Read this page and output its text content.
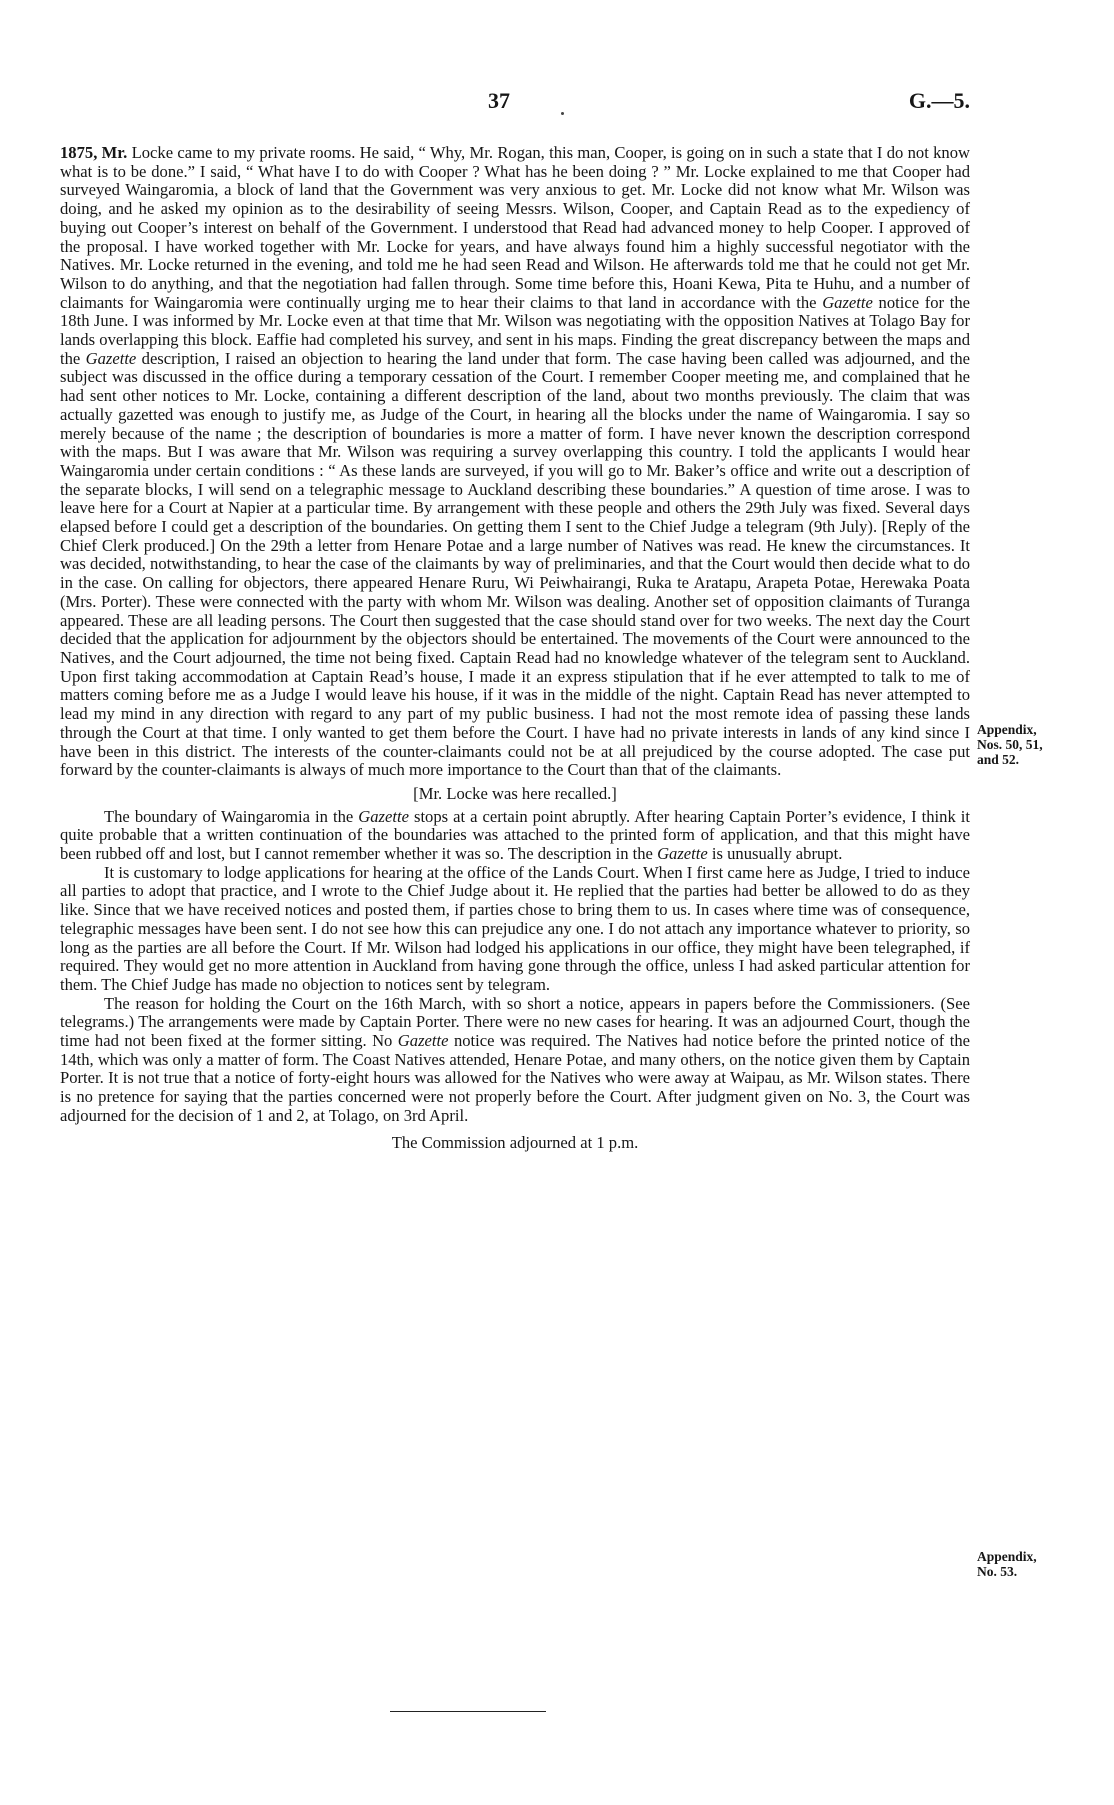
37	G.—5.

1875, Mr. Locke came to my private rooms. He said, “ Why, Mr. Rogan, this man, Cooper, is going on in such a state that I do not know what is to be done.” I said, “ What have I to do with Cooper ? What has he been doing ? ” Mr. Locke explained to me that Cooper had surveyed Waingaromia, a block of land that the Government was very anxious to get. Mr. Locke did not know what Mr. Wilson was doing, and he asked my opinion as to the desirability of seeing Messrs. Wilson, Cooper, and Captain Read as to the expediency of buying out Cooper’s interest on behalf of the Government. I understood that Read had advanced money to help Cooper. I approved of the proposal. I have worked together with Mr. Locke for years, and have always found him a highly successful negotiator with the Natives. Mr. Locke returned in the evening, and told me he had seen Read and Wilson. He afterwards told me that he could not get Mr. Wilson to do anything, and that the negotiation had fallen through. Some time before this, Hoani Kewa, Pita te Huhu, and a number of claimants for Waingaromia were continually urging me to hear their claims to that land in accordance with the Gazette notice for the 18th June. I was informed by Mr. Locke even at that time that Mr. Wilson was negotiating with the opposition Natives at Tolago Bay for lands overlapping this block. Eaffie had completed his survey, and sent in his maps. Finding the great discrepancy between the maps and the Gazette description, I raised an objection to hearing the land under that form. The case having been called was adjourned, and the subject was discussed in the office during a temporary cessation of the Court. I remember Cooper meeting me, and complained that he had sent other notices to Mr. Locke, containing a different description of the land, about two months previously. The claim that was actually gazetted was enough to justify me, as Judge of the Court, in hearing all the blocks under the name of Waingaromia. I say so merely because of the name ; the description of boundaries is more a matter of form. I have never known the description correspond with the maps. But I was aware that Mr. Wilson was requiring a survey overlapping this country. I told the applicants I would hear Waingaromia under certain conditions : “ As these lands are surveyed, if you will go to Mr. Baker’s office and write out a description of the separate blocks, I will send on a telegraphic message to Auckland describing these boundaries.” A question of time arose. I was to leave here for a Court at Napier at a particular time. By arrangement with these people and others the 29th July was fixed. Several days elapsed before I could get a description of the boundaries. On getting them I sent to the Chief Judge a telegram (9th July). [Reply of the Chief Clerk produced.] On the 29th a letter from Henare Potae and a large number of Natives was read. He knew the circumstances. It was decided, notwithstanding, to hear the case of the claimants by way of preliminaries, and that the Court would then decide what to do in the case. On calling for objectors, there appeared Henare Ruru, Wi Peiwhairangi, Ruka te Aratapu, Arapeta Potae, Herewaka Poata (Mrs. Porter). These were connected with the party with whom Mr. Wilson was dealing. Another set of opposition claimants of Turanga appeared. These are all leading persons. The Court then suggested that the case should stand over for two weeks. The next day the Court decided that the application for adjournment by the objectors should be entertained. The movements of the Court were announced to the Natives, and the Court adjourned, the time not being fixed. Captain Read had no knowledge whatever of the telegram sent to Auckland. Upon first taking accommodation at Captain Read’s house, I made it an express stipulation that if he ever attempted to talk to me of matters coming before me as a Judge I would leave his house, if it was in the middle of the night. Captain Read has never attempted to lead my mind in any direction with regard to any part of my public business. I had not the most remote idea of passing these lands through the Court at that time. I only wanted to get them before the Court. I have had no private interests in lands of any kind since I have been in this district. The interests of the counter-claimants could not be at all prejudiced by the course adopted. The case put forward by the counter-claimants is always of much more importance to the Court than that of the claimants.

[Mr. Locke was here recalled.]

The boundary of Waingaromia in the Gazette stops at a certain point abruptly. After hearing Captain Porter’s evidence, I think it quite probable that a written continuation of the boundaries was attached to the printed form of application, and that this might have been rubbed off and lost, but I cannot remember whether it was so. The description in the Gazette is unusually abrupt.

It is customary to lodge applications for hearing at the office of the Lands Court. When I first came here as Judge, I tried to induce all parties to adopt that practice, and I wrote to the Chief Judge about it. He replied that the parties had better be allowed to do as they like. Since that we have received notices and posted them, if parties chose to bring them to us. In cases where time was of consequence, telegraphic messages have been sent. I do not see how this can prejudice any one. I do not attach any importance whatever to priority, so long as the parties are all before the Court. If Mr. Wilson had lodged his applications in our office, they might have been telegraphed, if required. They would get no more attention in Auckland from having gone through the office, unless I had asked particular attention for them. The Chief Judge has made no objection to notices sent by telegram.

The reason for holding the Court on the 16th March, with so short a notice, appears in papers before the Commissioners. (See telegrams.) The arrangements were made by Captain Porter. There were no new cases for hearing. It was an adjourned Court, though the time had not been fixed at the former sitting. No Gazette notice was required. The Natives had notice before the printed notice of the 14th, which was only a matter of form. The Coast Natives attended, Henare Potae, and many others, on the notice given them by Captain Porter. It is not true that a notice of forty-eight hours was allowed for the Natives who were away at Waipau, as Mr. Wilson states. There is no pretence for saying that the parties concerned were not properly before the Court. After judgment given on No. 3, the Court was adjourned for the decision of 1 and 2, at Tolago, on 3rd April.

The Commission adjourned at 1 p.m.
Appendix,
Nos. 50, 51,
and 52.
Appendix,
No. 53.
